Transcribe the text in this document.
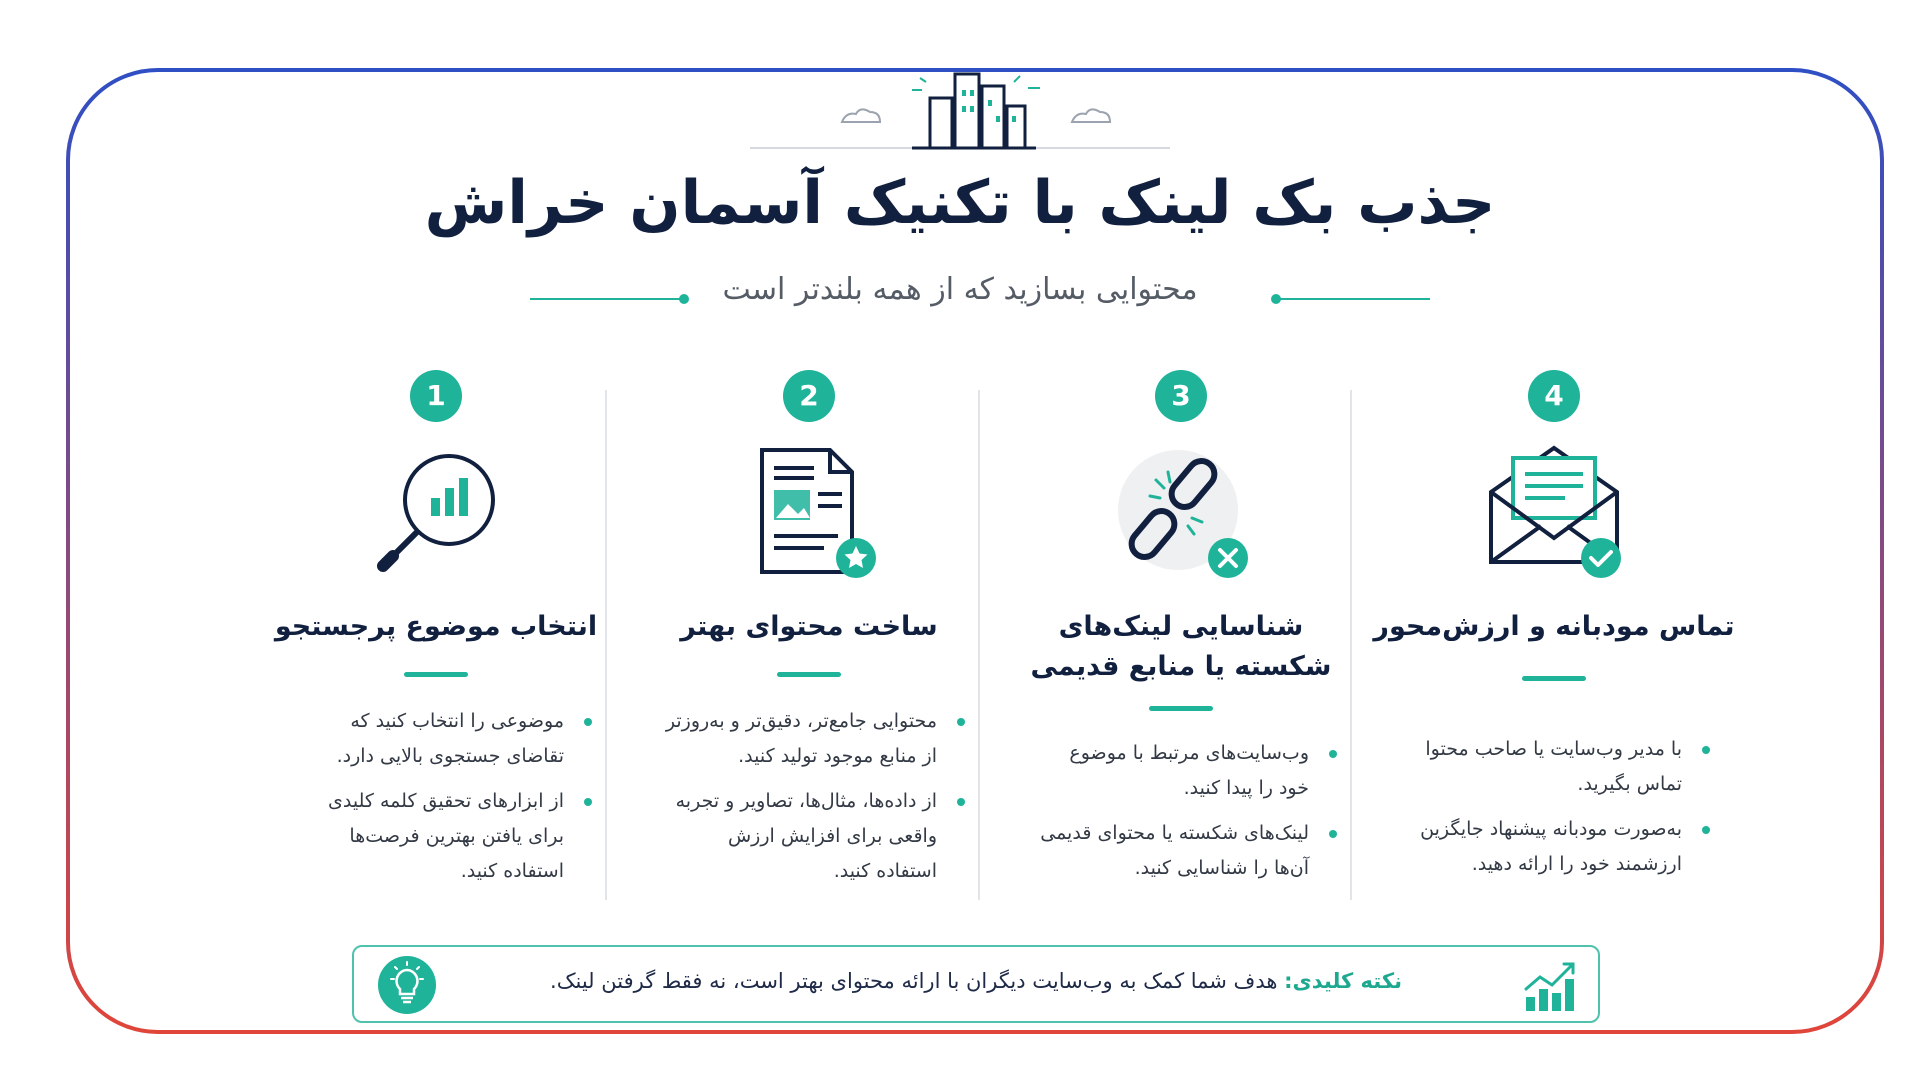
جذب بک لینک با تکنیک آسمان خراش
محتوایی بسازید که از همه بلندتر است
1
انتخاب موضوع پرجستجو
موضوعی را انتخاب کنید که تقاضای جستجوی بالایی دارد.
از ابزارهای تحقیق کلمه کلیدی برای یافتن بهترین فرصت‌ها استفاده کنید.
2
ساخت محتوای بهتر
محتوایی جامع‌تر، دقیق‌تر و به‌روزتر از منابع موجود تولید کنید.
از داده‌ها، مثال‌ها، تصاویر و تجربه واقعی برای افزایش ارزش استفاده کنید.
3
شناسایی لینک‌های شکسته یا منابع قدیمی
وب‌سایت‌های مرتبط با موضوع خود را پیدا کنید.
لینک‌های شکسته یا محتوای قدیمی آن‌ها را شناسایی کنید.
4
تماس مودبانه و ارزش‌محور
با مدیر وب‌سایت یا صاحب محتوا تماس بگیرید.
به‌صورت مودبانه پیشنهاد جایگزین ارزشمند خود را ارائه دهید.
نکته کلیدی: هدف شما کمک به وب‌سایت دیگران با ارائه محتوای بهتر است، نه فقط گرفتن لینک.
